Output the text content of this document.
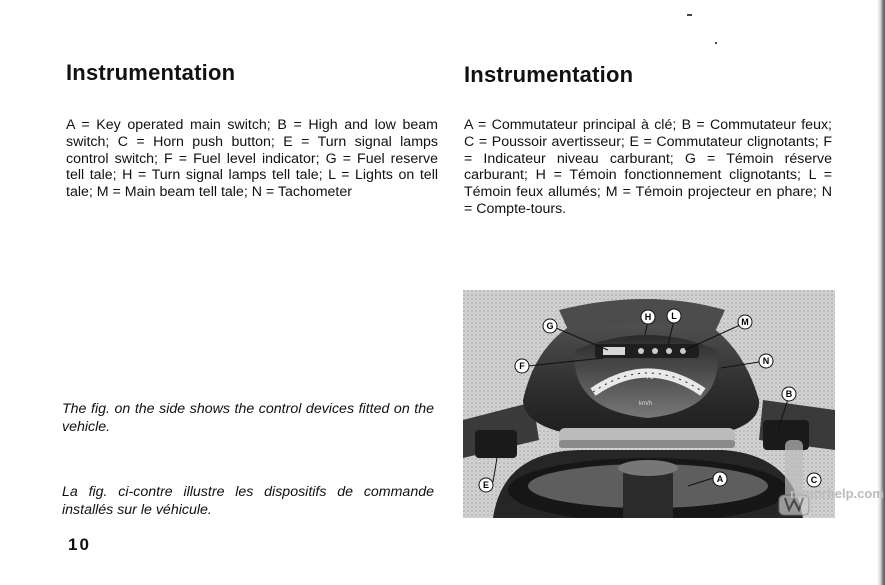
Instrumentation

A = Key operated main switch; B = High and low beam switch; C = Horn push button; E = Turn signal lamps control switch; F = Fuel level indicator; G = Fuel reserve tell tale; H = Turn signal lamps tell tale; L = Lights on tell tale; M = Main beam tell tale; N = Tachometer

The fig. on the side shows the control devices fitted on the vehicle.

La fig. ci-contre illustre les dispositifs de commande installés sur le véhicule.

10
Instrumentation

A = Commutateur principal à clé; B = Commutateur feux; C = Poussoir avertisseur; E = Commutateur clignotants; F = Indicateur niveau carburant; G = Témoin réserve carburant; H = Témoin fonctionnement clignotants; L = Témoin feux allumés; M = Témoin projecteur en phare; N = Compte-tours.

70
km/h
H L
G	M
F	N
B
E
A	C
motorhelp.com
